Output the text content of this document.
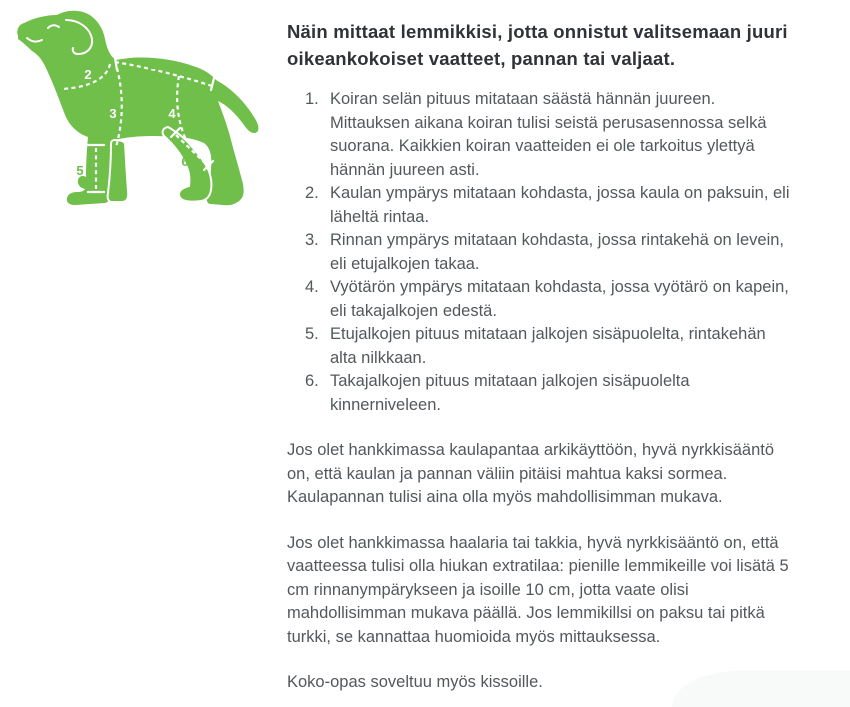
1
2
3	4
5
6
Näin mittaat lemmikkisi, jotta onnistut valitsemaan juuri
oikeankokoiset vaatteet, pannan tai valjaat.
1. Koiran selän pituus mitataan säästä hännän juureen.
Mittauksen aikana koiran tulisi seistä perusasennossa selkä
suorana. Kaikkien koiran vaatteiden ei ole tarkoitus ylettyä
hännän juureen asti.
2. Kaulan ympärys mitataan kohdasta, jossa kaula on paksuin, eli
läheltä rintaa.
3. Rinnan ympärys mitataan kohdasta, jossa rintakehä on levein,
eli etujalkojen takaa.
4. Vyötärön ympärys mitataan kohdasta, jossa vyötärö on kapein,
eli takajalkojen edestä.
5. Etujalkojen pituus mitataan jalkojen sisäpuolelta, rintakehän
alta nilkkaan.
6. Takajalkojen pituus mitataan jalkojen sisäpuolelta
kinnerniveleen.

Jos olet hankkimassa kaulapantaa arkikäyttöön, hyvä nyrkkisääntö
on, että kaulan ja pannan väliin pitäisi mahtua kaksi sormea.
Kaulapannan tulisi aina olla myös mahdollisimman mukava.

Jos olet hankkimassa haalaria tai takkia, hyvä nyrkkisääntö on, että
vaatteessa tulisi olla hiukan extratilaa: pienille lemmikeille voi lisätä 5
cm rinnanympärykseen ja isoille 10 cm, jotta vaate olisi
mahdollisimman mukava päällä. Jos lemmikillsi on paksu tai pitkä
turkki, se kannattaa huomioida myös mittauksessa.

Koko-opas soveltuu myös kissoille.
